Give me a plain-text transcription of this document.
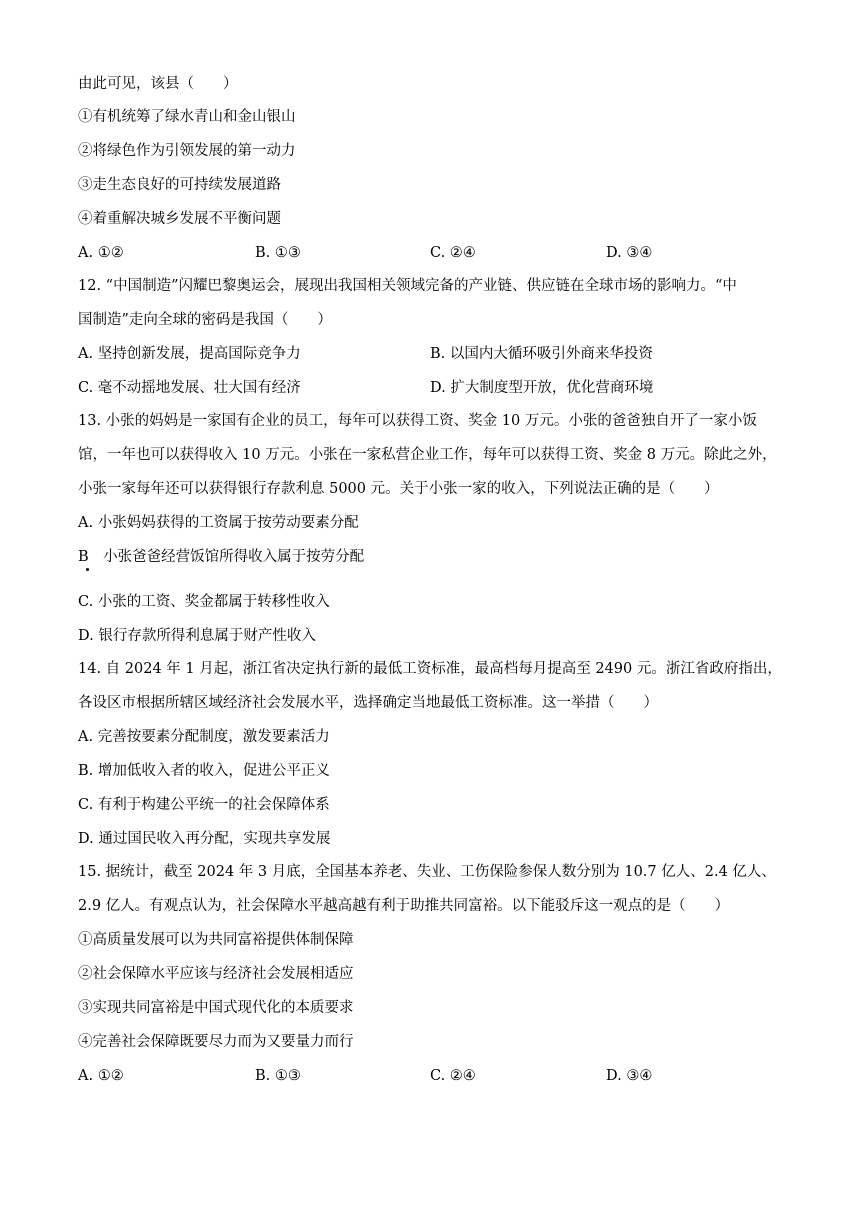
由此可见，该县（　　）
①有机统筹了绿水青山和金山银山
②将绿色作为引领发展的第一动力
③走生态良好的可持续发展道路
④着重解决城乡发展不平衡问题
A. ①②	B. ①③	C. ②④	D. ③④
12. “中国制造”闪耀巴黎奥运会，展现出我国相关领域完备的产业链、供应链在全球市场的影响力。“中
国制造”走向全球的密码是我国（　　）
A. 坚持创新发展，提高国际竞争力	B. 以国内大循环吸引外商来华投资
C. 毫不动摇地发展、壮大国有经济	D. 扩大制度型开放，优化营商环境
13. 小张的妈妈是一家国有企业的员工，每年可以获得工资、奖金 10 万元。小张的爸爸独自开了一家小饭
馆，一年也可以获得收入 10 万元。小张在一家私营企业工作，每年可以获得工资、奖金 8 万元。除此之外，
小张一家每年还可以获得银行存款利息 5000 元。关于小张一家的收入，下列说法正确的是（　　）
A. 小张妈妈获得的工资属于按劳动要素分配
B　小张爸爸经营饭馆所得收入属于按劳分配
C. 小张的工资、奖金都属于转移性收入
D. 银行存款所得利息属于财产性收入
14. 自 2024 年 1 月起，浙江省决定执行新的最低工资标准，最高档每月提高至 2490 元。浙江省政府指出，
各设区市根据所辖区域经济社会发展水平，选择确定当地最低工资标准。这一举措（　　）
A. 完善按要素分配制度，激发要素活力
B. 增加低收入者的收入，促进公平正义
C. 有利于构建公平统一的社会保障体系
D. 通过国民收入再分配，实现共享发展
15. 据统计，截至 2024 年 3 月底，全国基本养老、失业、工伤保险参保人数分别为 10.7 亿人、2.4 亿人、
2.9 亿人。有观点认为，社会保障水平越高越有利于助推共同富裕。以下能驳斥这一观点的是（　　）
①高质量发展可以为共同富裕提供体制保障
②社会保障水平应该与经济社会发展相适应
③实现共同富裕是中国式现代化的本质要求
④完善社会保障既要尽力而为又要量力而行
A. ①②	B. ①③	C. ②④	D. ③④
